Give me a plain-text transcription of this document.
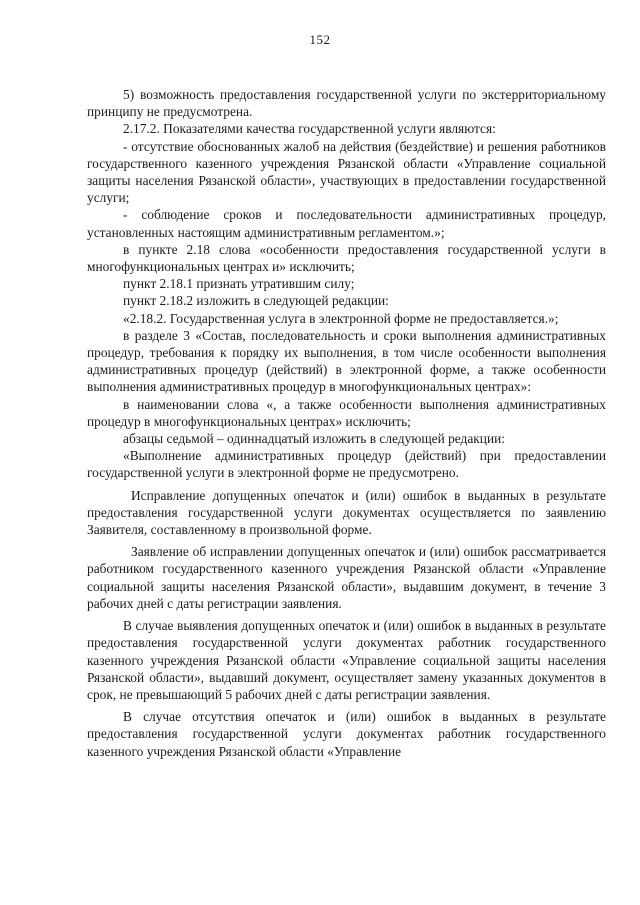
152

5) возможность предоставления государственной услуги по экстерриториальному принципу не предусмотрена.

2.17.2. Показателями качества государственной услуги являются:

- отсутствие обоснованных жалоб на действия (бездействие) и решения работников государственного казенного учреждения Рязанской области «Управление социальной защиты населения Рязанской области», участвующих в предоставлении государственной услуги;

- соблюдение сроков и последовательности административных процедур, установленных настоящим административным регламентом.»;

в пункте 2.18 слова «особенности предоставления государственной услуги в многофункциональных центрах и» исключить;

пункт 2.18.1 признать утратившим силу;

пункт 2.18.2 изложить в следующей редакции:

«2.18.2. Государственная услуга в электронной форме не предоставляется.»;

в разделе 3 «Состав, последовательность и сроки выполнения административных процедур, требования к порядку их выполнения, в том числе особенности выполнения административных процедур (действий) в электронной форме, а также особенности выполнения административных процедур в многофункциональных центрах»:

в наименовании слова «, а также особенности выполнения административных процедур в многофункциональных центрах» исключить;

абзацы седьмой – одиннадцатый изложить в следующей редакции:

«Выполнение административных процедур (действий) при предоставлении государственной услуги в электронной форме не предусмотрено.

Исправление допущенных опечаток и (или) ошибок в выданных в результате предоставления государственной услуги документах осуществляется по заявлению Заявителя, составленному в произвольной форме.

Заявление об исправлении допущенных опечаток и (или) ошибок рассматривается работником государственного казенного учреждения Рязанской области «Управление социальной защиты населения Рязанской области», выдавшим документ, в течение 3 рабочих дней с даты регистрации заявления.

В случае выявления допущенных опечаток и (или) ошибок в выданных в результате предоставления государственной услуги документах работник государственного казенного учреждения Рязанской области «Управление социальной защиты населения Рязанской области», выдавший документ, осуществляет замену указанных документов в срок, не превышающий 5 рабочих дней с даты регистрации заявления.

В случае отсутствия опечаток и (или) ошибок в выданных в результате предоставления государственной услуги документах работник государственного казенного учреждения Рязанской области «Управление
